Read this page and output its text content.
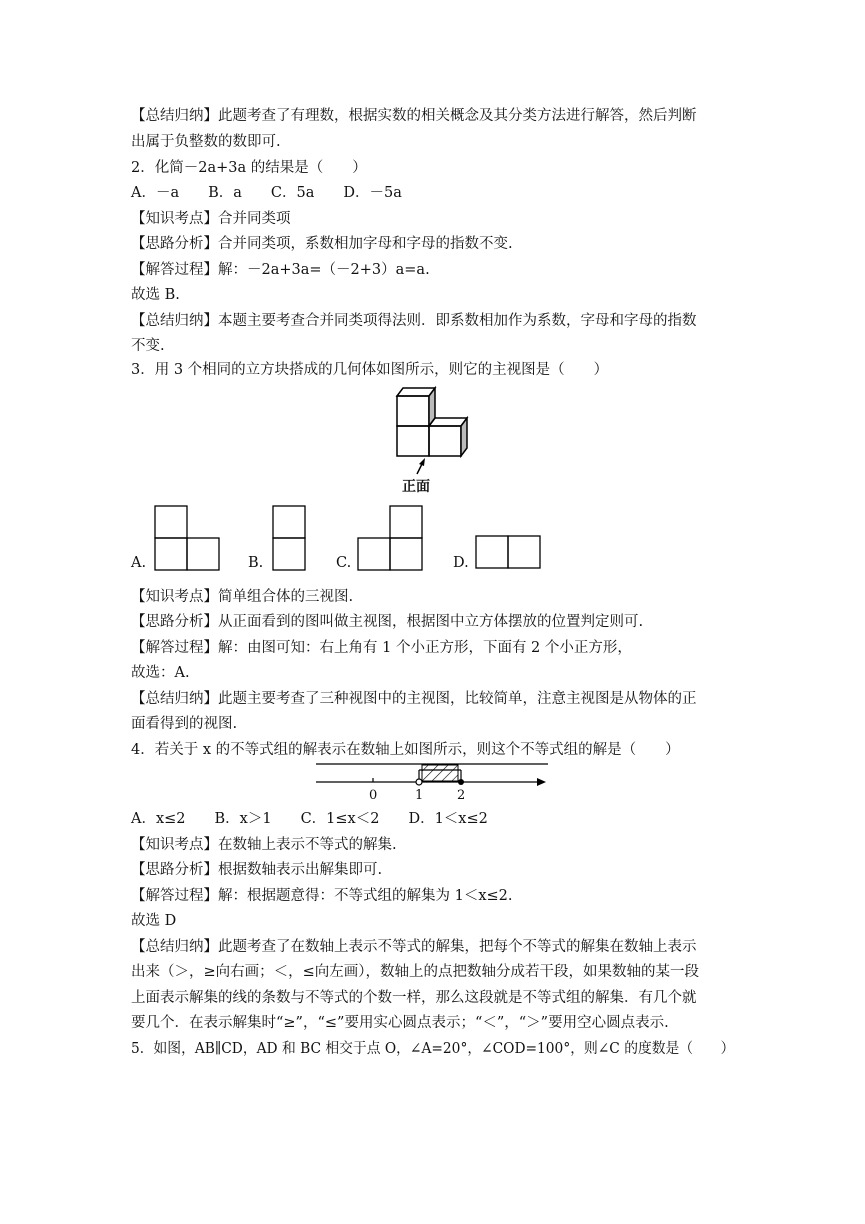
【总结归纳】此题考查了有理数，根据实数的相关概念及其分类方法进行解答，然后判断
出属于负整数的数即可.
2．化简－2a+3a 的结果是（　　）
A．－a　　B．a　　C．5a　　D．－5a
【知识考点】合并同类项
【思路分析】合并同类项，系数相加字母和字母的指数不变.
【解答过程】解：－2a+3a=（－2+3）a=a.
故选 B.
【总结归纳】本题主要考查合并同类项得法则．即系数相加作为系数，字母和字母的指数
不变.
3．用 3 个相同的立方块搭成的几何体如图所示，则它的主视图是（　　）
正面
A.	B.	C.	D.
【知识考点】简单组合体的三视图.
【思路分析】从正面看到的图叫做主视图，根据图中立方体摆放的位置判定则可.
【解答过程】解：由图可知：右上角有 1 个小正方形，下面有 2 个小正方形，
故选：A.
【总结归纳】此题主要考查了三种视图中的主视图，比较简单，注意主视图是从物体的正
面看得到的视图.
4．若关于 x 的不等式组的解表示在数轴上如图所示，则这个不等式组的解是（　　）
0	1	2
A．x≤2　　B．x＞1　　C．1≤x＜2　　D．1＜x≤2
【知识考点】在数轴上表示不等式的解集.
【思路分析】根据数轴表示出解集即可.
【解答过程】解：根据题意得：不等式组的解集为 1＜x≤2.
故选 D
【总结归纳】此题考查了在数轴上表示不等式的解集，把每个不等式的解集在数轴上表示
出来（＞，≥向右画；＜，≤向左画），数轴上的点把数轴分成若干段，如果数轴的某一段
上面表示解集的线的条数与不等式的个数一样，那么这段就是不等式组的解集．有几个就
要几个．在表示解集时“≥”，“≤”要用实心圆点表示；“＜”，“＞”要用空心圆点表示.
5．如图，AB∥CD，AD 和 BC 相交于点 O，∠A=20°，∠COD=100°，则∠C 的度数是（　　）
